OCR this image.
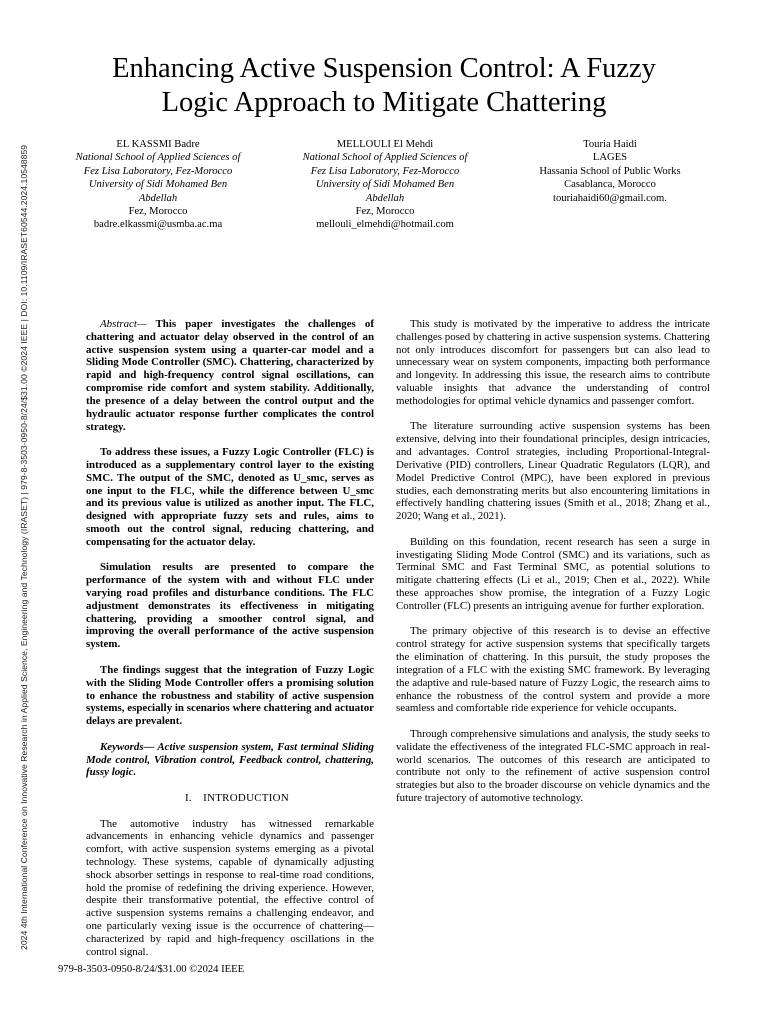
Enhancing Active Suspension Control: A Fuzzy
Logic Approach to Mitigate Chattering
2024 4th International Conference on Innovative Research in Applied Science, Engineering and Technology (IRASET) | 979-8-3503-0950-8/24/$31.00 ©2024 IEEE | DOI: 10.1109/IRASET60544.2024.10548859
EL KASSMI Badre
National School of Applied Sciences of
Fez Lisa Laboratory, Fez-Morocco
University of Sidi Mohamed Ben
Abdellah
Fez, Morocco
badre.elkassmi@usmba.ac.ma
MELLOULI El Mehdi
National School of Applied Sciences of
Fez Lisa Laboratory, Fez-Morocco
University of Sidi Mohamed Ben
Abdellah
Fez, Morocco
mellouli_elmehdi@hotmail.com
Touria Haidi
LAGES
Hassania School of Public Works
Casablanca, Morocco
touriahaidi60@gmail.com.

Abstract— This paper investigates the challenges of chattering and actuator delay observed in the control of an active suspension system using a quarter-car model and a Sliding Mode Controller (SMC). Chattering, characterized by rapid and high-frequency control signal oscillations, can compromise ride comfort and system stability. Additionally, the presence of a delay between the control output and the hydraulic actuator response further complicates the control strategy.

To address these issues, a Fuzzy Logic Controller (FLC) is introduced as a supplementary control layer to the existing SMC. The output of the SMC, denoted as U_smc, serves as one input to the FLC, while the difference between U_smc and its previous value is utilized as another input. The FLC, designed with appropriate fuzzy sets and rules, aims to smooth out the control signal, reducing chattering, and compensating for the actuator delay.

Simulation results are presented to compare the performance of the system with and without FLC under varying road profiles and disturbance conditions. The FLC adjustment demonstrates its effectiveness in mitigating chattering, providing a smoother control signal, and improving the overall performance of the active suspension system.

The findings suggest that the integration of Fuzzy Logic with the Sliding Mode Controller offers a promising solution to enhance the robustness and stability of active suspension systems, especially in scenarios where chattering and actuator delays are prevalent.

Keywords— Active suspension system, Fast terminal Sliding Mode control, Vibration control, Feedback control, chattering, fussy logic.

I.  INTRODUCTION

The automotive industry has witnessed remarkable advancements in enhancing vehicle dynamics and passenger comfort, with active suspension systems emerging as a pivotal technology. These systems, capable of dynamically adjusting shock absorber settings in response to real-time road conditions, hold the promise of redefining the driving experience. However, despite their transformative potential, the effective control of active suspension systems remains a challenging endeavor, and one particularly vexing issue is the occurrence of chattering—characterized by rapid and high-frequency oscillations in the control signal.

This study is motivated by the imperative to address the intricate challenges posed by chattering in active suspension systems. Chattering not only introduces discomfort for passengers but can also lead to unnecessary wear on system components, impacting both performance and longevity. In addressing this issue, the research aims to contribute valuable insights that advance the understanding of control methodologies for optimal vehicle dynamics and passenger comfort.

The literature surrounding active suspension systems has been extensive, delving into their foundational principles, design intricacies, and advantages. Control strategies, including Proportional-Integral-Derivative (PID) controllers, Linear Quadratic Regulators (LQR), and Model Predictive Control (MPC), have been explored in previous studies, each demonstrating merits but also encountering limitations in effectively handling chattering issues (Smith et al., 2018; Zhang et al., 2020; Wang et al., 2021).

Building on this foundation, recent research has seen a surge in investigating Sliding Mode Control (SMC) and its variations, such as Terminal SMC and Fast Terminal SMC, as potential solutions to mitigate chattering effects (Li et al., 2019; Chen et al., 2022). While these approaches show promise, the integration of a Fuzzy Logic Controller (FLC) presents an intriguing avenue for further exploration.

The primary objective of this research is to devise an effective control strategy for active suspension systems that specifically targets the elimination of chattering. In this pursuit, the study proposes the integration of a FLC with the existing SMC framework. By leveraging the adaptive and rule-based nature of Fuzzy Logic, the research aims to enhance the robustness of the control system and provide a more seamless and comfortable ride experience for vehicle occupants.

Through comprehensive simulations and analysis, the study seeks to validate the effectiveness of the integrated FLC-SMC approach in real-world scenarios. The outcomes of this research are anticipated to contribute not only to the refinement of active suspension control strategies but also to the broader discourse on vehicle dynamics and the future trajectory of automotive technology.

979-8-3503-0950-8/24/$31.00 ©2024 IEEE
